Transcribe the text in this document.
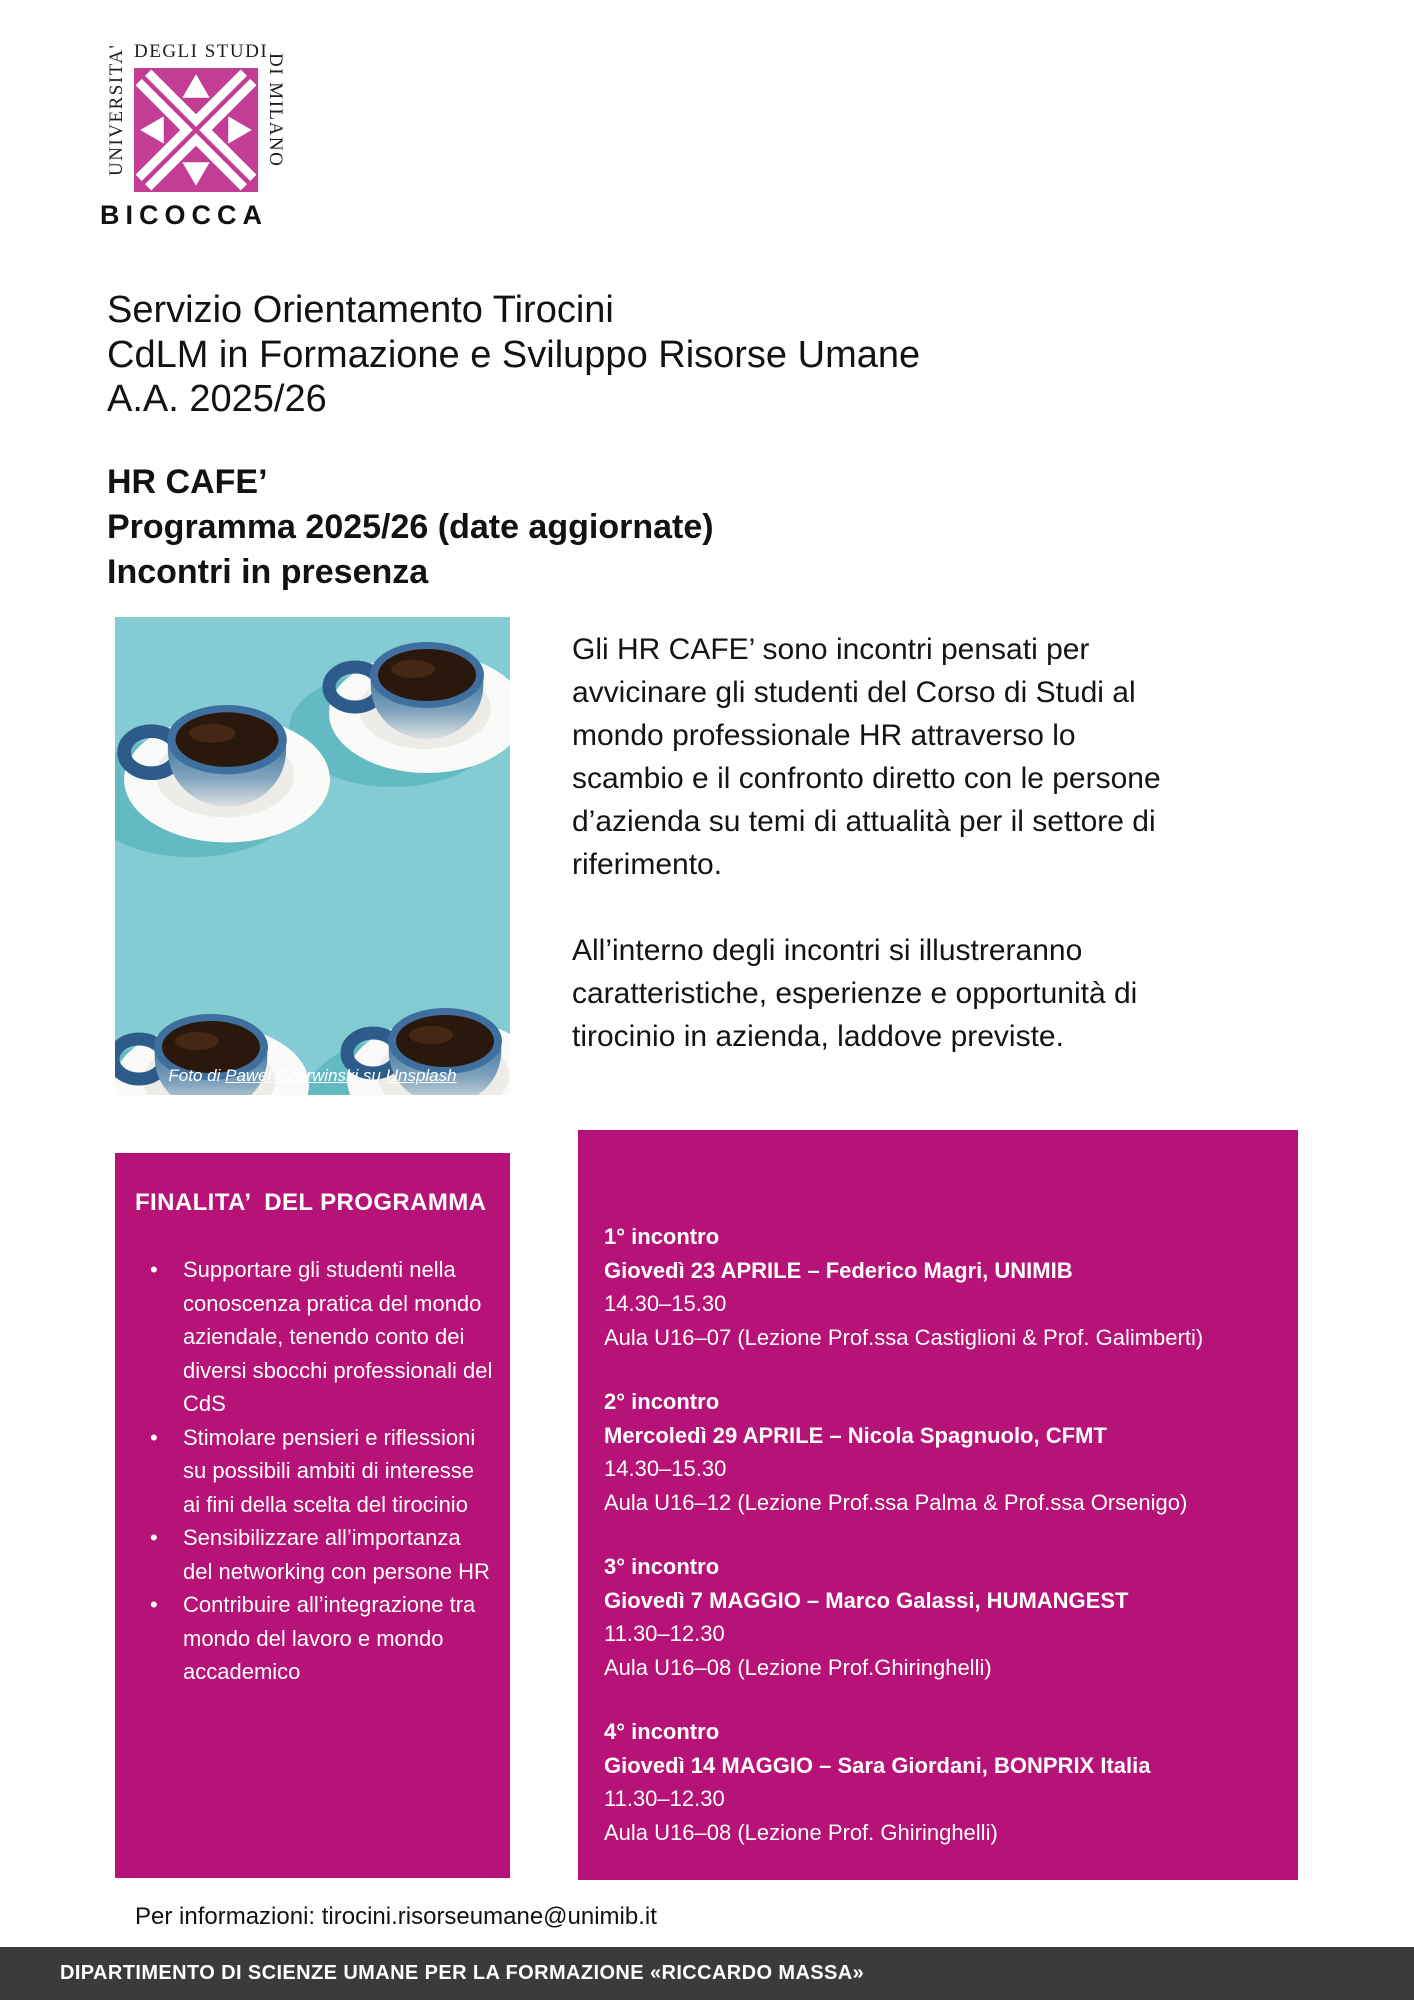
UNIVERSITA' DEGLI STUDI
DI MILANO
BICOCCA
Servizio Orientamento Tirocini
CdLM in Formazione e Sviluppo Risorse Umane
A.A. 2025/26
HR CAFE’
Programma 2025/26 (date aggiornate)
Incontri in presenza
Foto di Pawel Czerwinski su Unsplash

Gli HR CAFE’ sono incontri pensati per avvicinare gli studenti del Corso di Studi al mondo professionale HR attraverso lo scambio e il confronto diretto con le persone d’azienda su temi di attualità per il settore di riferimento.

All’interno degli incontri si illustreranno caratteristiche, esperienze e opportunità di tirocinio in azienda, laddove previste.

FINALITA’  DEL PROGRAMMA
• Supportare gli studenti nella conoscenza pratica del mondo aziendale, tenendo conto dei diversi sbocchi professionali del CdS
• Stimolare pensieri e riflessioni su possibili ambiti di interesse ai fini della scelta del tirocinio
• Sensibilizzare all’importanza del networking con persone HR
• Contribuire all’integrazione tra mondo del lavoro e mondo accademico
1° incontro
Giovedì 23 APRILE – Federico Magri, UNIMIB
14.30–15.30
Aula U16–07 (Lezione Prof.ssa Castiglioni & Prof. Galimberti)
2° incontro
Mercoledì 29 APRILE – Nicola Spagnuolo, CFMT
14.30–15.30
Aula U16–12 (Lezione Prof.ssa Palma & Prof.ssa Orsenigo)
3° incontro
Giovedì 7 MAGGIO – Marco Galassi, HUMANGEST
11.30–12.30
Aula U16–08 (Lezione Prof.Ghiringhelli)
4° incontro
Giovedì 14 MAGGIO – Sara Giordani, BONPRIX Italia
11.30–12.30
Aula U16–08 (Lezione Prof. Ghiringhelli)
Per informazioni: tirocini.risorseumane@unimib.it
DIPARTIMENTO DI SCIENZE UMANE PER LA FORMAZIONE «RICCARDO MASSA»
